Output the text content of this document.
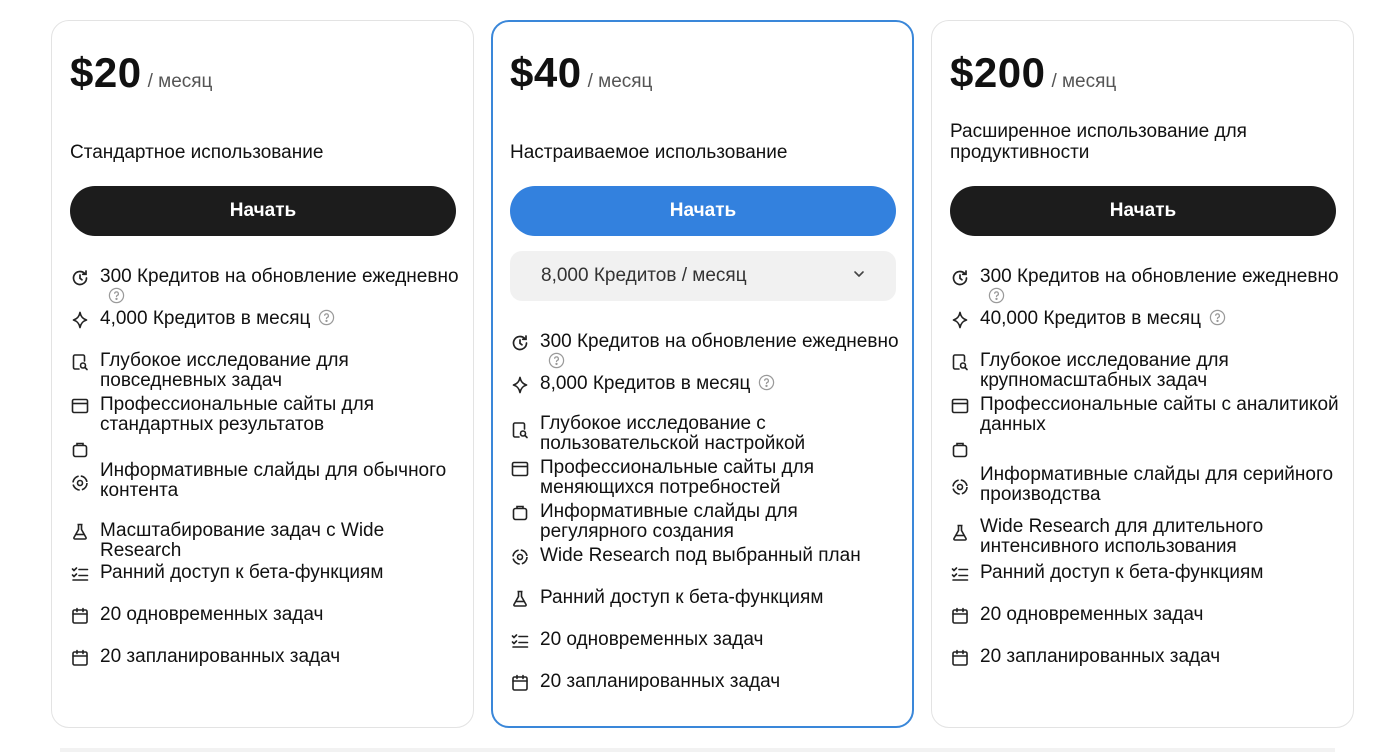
$20 / месяц
Стандартное использование
Начать
300 Кредитов на обновление ежедневно
4,000 Кредитов в месяц
Глубокое исследование для повседневных задач
Профессиональные сайты для стандартных результатов
Информативные слайды для обычного контента
Масштабирование задач с Wide Research
Ранний доступ к бета-функциям
20 одновременных задач
20 запланированных задач
$40 / месяц
Настраиваемое использование
Начать
8,000 Кредитов / месяц
300 Кредитов на обновление ежедневно
8,000 Кредитов в месяц
Глубокое исследование с пользовательской настройкой
Профессиональные сайты для меняющихся потребностей
Информативные слайды для регулярного создания
Wide Research под выбранный план
Ранний доступ к бета-функциям
20 одновременных задач
20 запланированных задач
$200 / месяц
Расширенное использование для продуктивности
Начать
300 Кредитов на обновление ежедневно
40,000 Кредитов в месяц
Глубокое исследование для крупномасштабных задач
Профессиональные сайты с аналитикой данных
Информативные слайды для серийного производства
Wide Research для длительного интенсивного использования
Ранний доступ к бета-функциям
20 одновременных задач
20 запланированных задач
